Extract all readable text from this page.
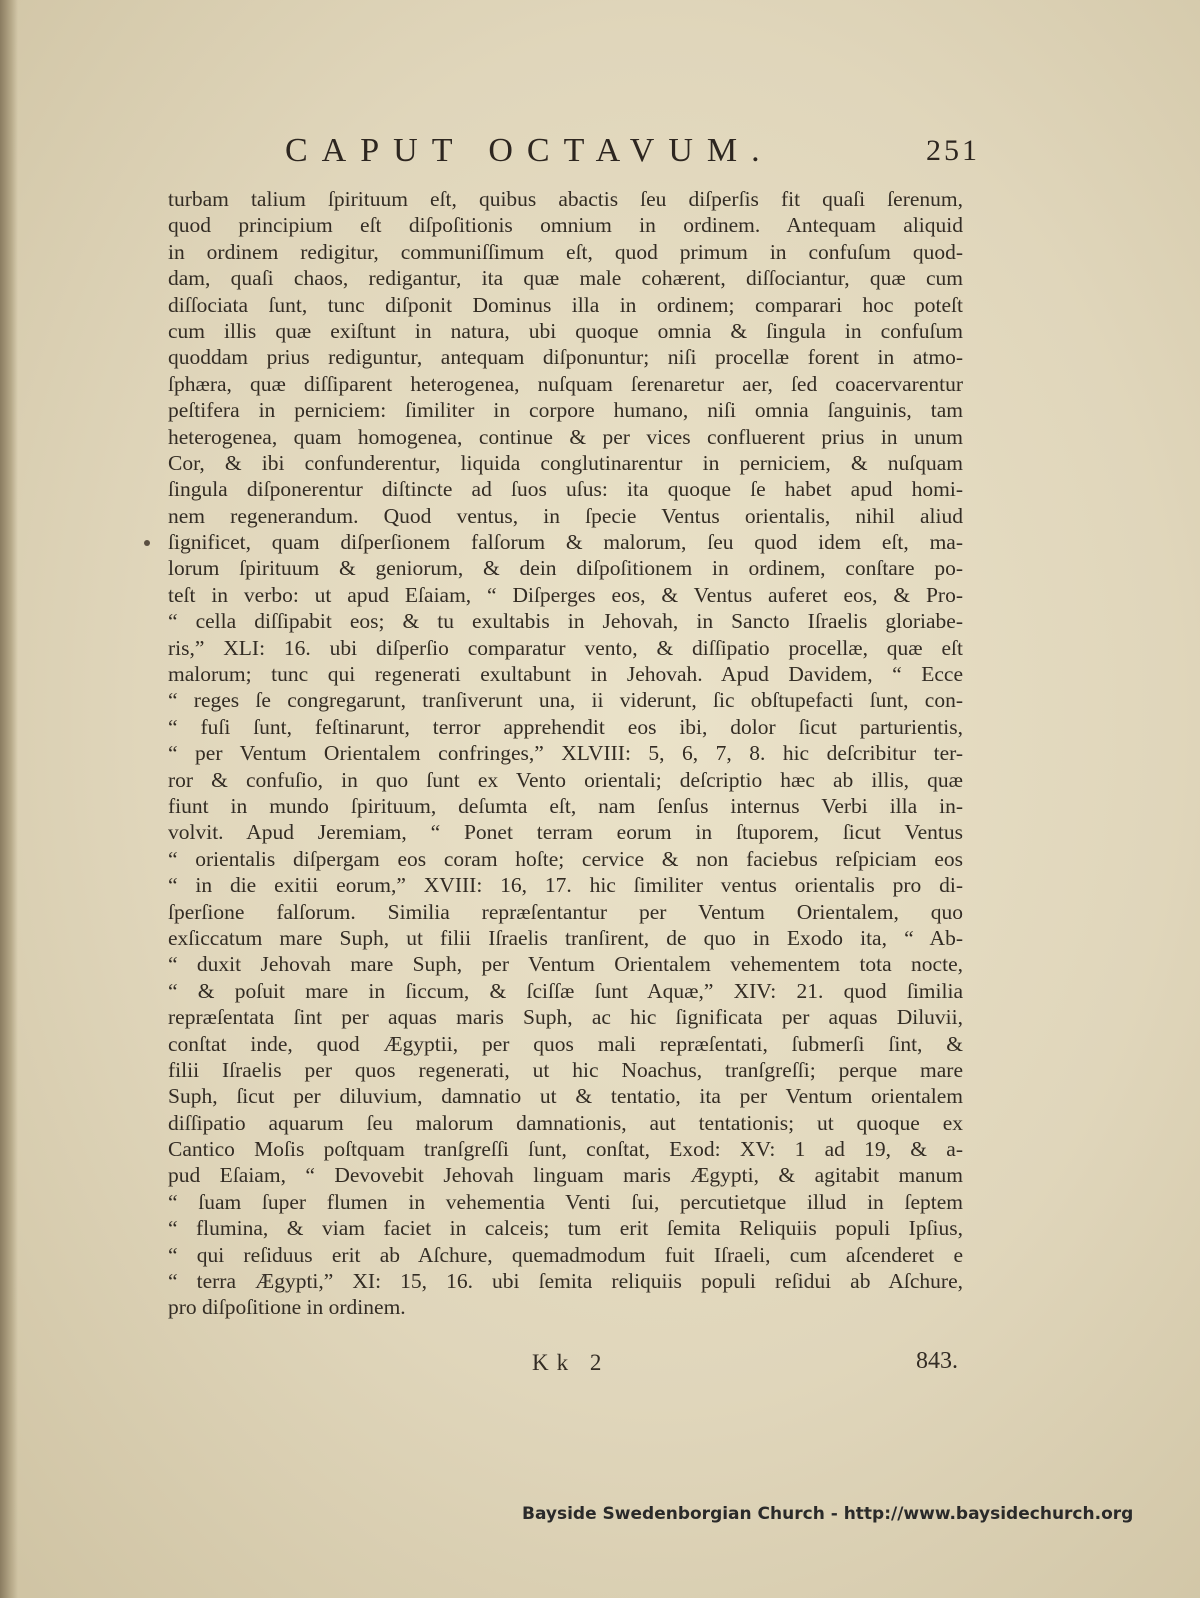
CAPUT OCTAVUM.	251
turbam talium ſpirituum eſt, quibus abactis ſeu diſperſis fit quaſi ſerenum,
quod principium eſt diſpoſitionis omnium in ordinem. Antequam aliquid
in ordinem redigitur, communiſſimum eſt, quod primum in confuſum quod-
dam, quaſi chaos, redigantur, ita quæ male cohærent, diſſociantur, quæ cum
diſſociata ſunt, tunc diſponit Dominus illa in ordinem; comparari hoc poteſt
cum illis quæ exiſtunt in natura, ubi quoque omnia & ſingula in confuſum
quoddam prius rediguntur, antequam diſponuntur; niſi procellæ forent in atmo-
ſphæra, quæ diſſiparent heterogenea, nuſquam ſerenaretur aer, ſed coacervarentur
peſtifera in perniciem: ſimiliter in corpore humano, niſi omnia ſanguinis, tam
heterogenea, quam homogenea, continue & per vices confluerent prius in unum
Cor, & ibi confunderentur, liquida conglutinarentur in perniciem, & nuſquam
ſingula diſponerentur diſtincte ad ſuos uſus: ita quoque ſe habet apud homi-
nem regenerandum. Quod ventus, in ſpecie Ventus orientalis, nihil aliud
ſignificet, quam diſperſionem falſorum & malorum, ſeu quod idem eſt, ma-
lorum ſpirituum & geniorum, & dein diſpoſitionem in ordinem, conſtare po-
teſt in verbo: ut apud Eſaiam, “ Diſperges eos, & Ventus auferet eos, & Pro-
“ cella diſſipabit eos; & tu exultabis in Jehovah, in Sancto Iſraelis gloriabe-
ris,” XLI: 16. ubi diſperſio comparatur vento, & diſſipatio procellæ, quæ eſt
malorum; tunc qui regenerati exultabunt in Jehovah. Apud Davidem, “ Ecce
“ reges ſe congregarunt, tranſiverunt una, ii viderunt, ſic obſtupefacti ſunt, con-
“ fuſi ſunt, feſtinarunt, terror apprehendit eos ibi, dolor ſicut parturientis,
“ per Ventum Orientalem confringes,” XLVIII: 5, 6, 7, 8. hic deſcribitur ter-
ror & confuſio, in quo ſunt ex Vento orientali; deſcriptio hæc ab illis, quæ
fiunt in mundo ſpirituum, deſumta eſt, nam ſenſus internus Verbi illa in-
volvit. Apud Jeremiam, “ Ponet terram eorum in ſtuporem, ſicut Ventus
“ orientalis diſpergam eos coram hoſte; cervice & non faciebus reſpiciam eos
“ in die exitii eorum,” XVIII: 16, 17. hic ſimiliter ventus orientalis pro di-
ſperſione falſorum. Similia repræſentantur per Ventum Orientalem, quo
exſiccatum mare Suph, ut filii Iſraelis tranſirent, de quo in Exodo ita, “ Ab-
“ duxit Jehovah mare Suph, per Ventum Orientalem vehementem tota nocte,
“ & poſuit mare in ſiccum, & ſciſſæ ſunt Aquæ,” XIV: 21. quod ſimilia
repræſentata ſint per aquas maris Suph, ac hic ſignificata per aquas Diluvii,
conſtat inde, quod Ægyptii, per quos mali repræſentati, ſubmerſi ſint, &
filii Iſraelis per quos regenerati, ut hic Noachus, tranſgreſſi; perque mare
Suph, ſicut per diluvium, damnatio ut & tentatio, ita per Ventum orientalem
diſſipatio aquarum ſeu malorum damnationis, aut tentationis; ut quoque ex
Cantico Moſis poſtquam tranſgreſſi ſunt, conſtat, Exod: XV: 1 ad 19, & a-
pud Eſaiam, “ Devovebit Jehovah linguam maris Ægypti, & agitabit manum
“ ſuam ſuper flumen in vehementia Venti ſui, percutietque illud in ſeptem
“ flumina, & viam faciet in calceis; tum erit ſemita Reliquiis populi Ipſius,
“ qui reſiduus erit ab Aſchure, quemadmodum fuit Iſraeli, cum aſcenderet e
“ terra Ægypti,” XI: 15, 16. ubi ſemita reliquiis populi reſidui ab Aſchure,
pro diſpoſitione in ordinem.
Kk 2	843.
Bayside Swedenborgian Church - http://www.baysidechurch.org
